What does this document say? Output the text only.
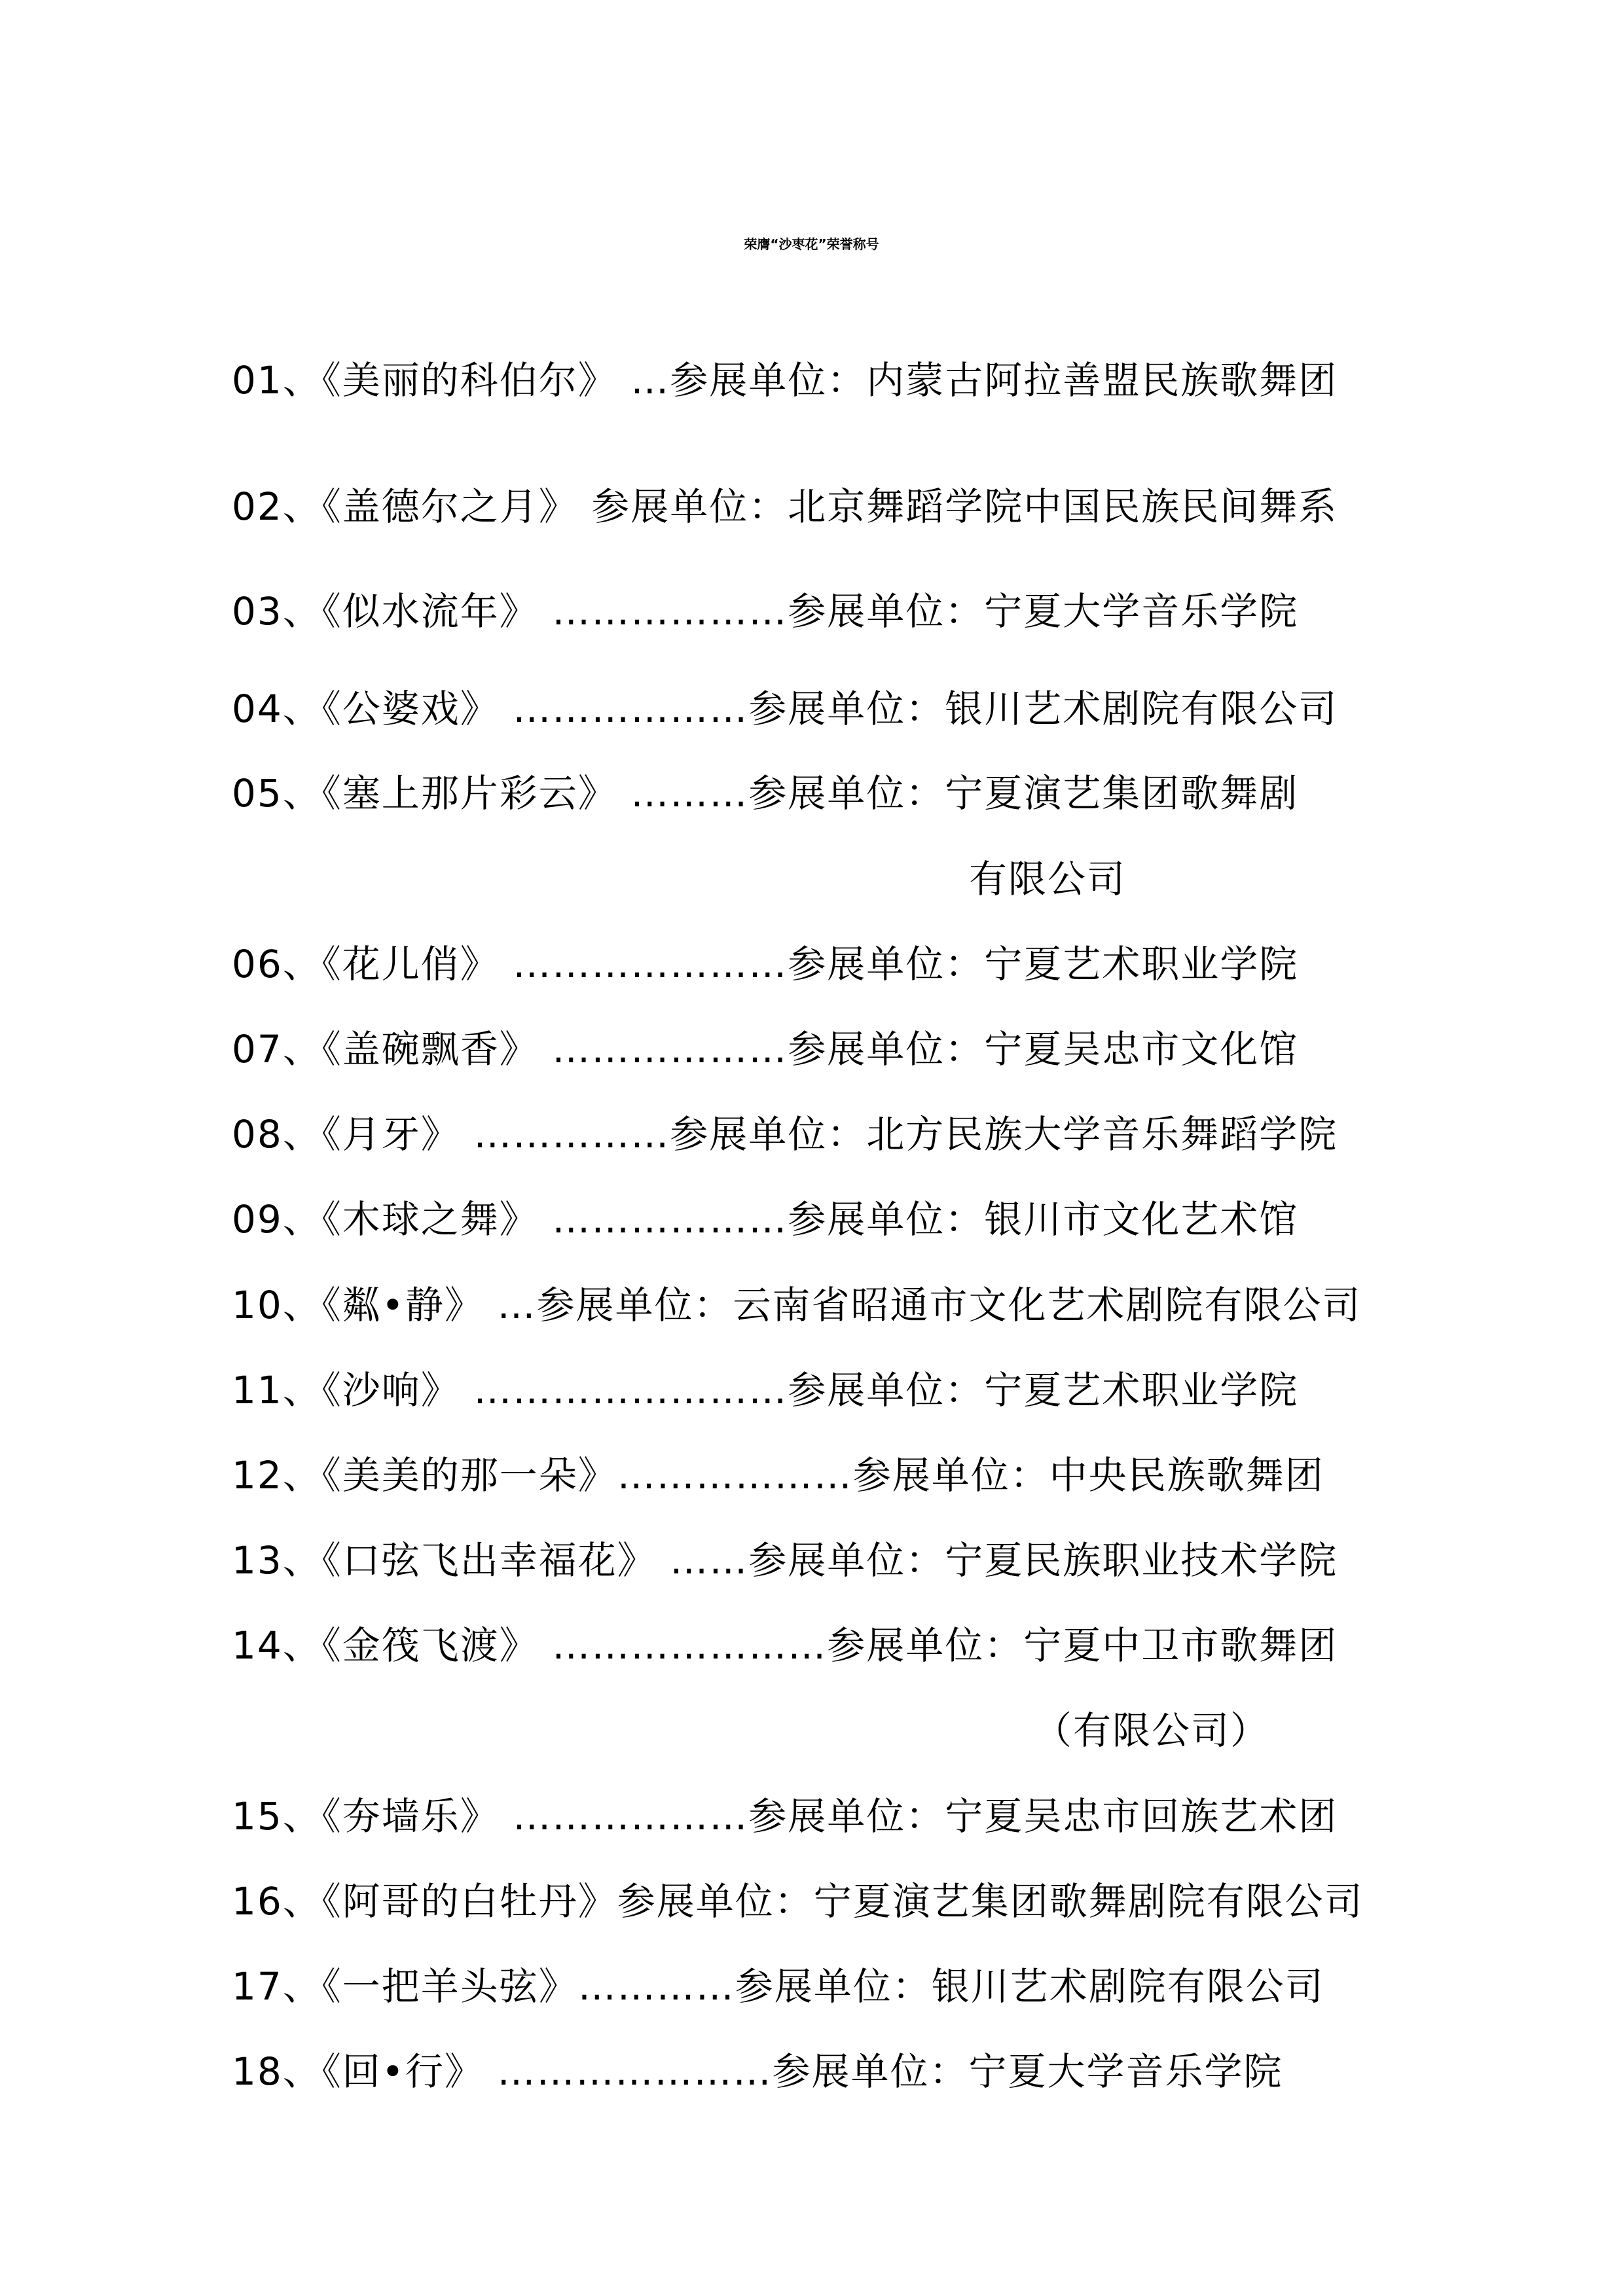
荣膺“沙枣花”荣誉称号
01、《美丽的科伯尔》 …参展单位：内蒙古阿拉善盟民族歌舞团
02、《盖德尔之月》 参展单位：北京舞蹈学院中国民族民间舞系
03、《似水流年》 ………………参展单位：宁夏大学音乐学院
04、《公婆戏》 ………………参展单位：银川艺术剧院有限公司
05、《塞上那片彩云》 ………参展单位：宁夏演艺集团歌舞剧
有限公司
06、《花儿俏》 …………………参展单位：宁夏艺术职业学院
07、《盖碗飘香》 ………………参展单位：宁夏吴忠市文化馆
08、《月牙》 ……………参展单位：北方民族大学音乐舞蹈学院
09、《木球之舞》 ………………参展单位：银川市文化艺术馆
10、《粼•静》 …参展单位：云南省昭通市文化艺术剧院有限公司
11、《沙响》 ……………………参展单位：宁夏艺术职业学院
12、《美美的那一朵》………………参展单位：中央民族歌舞团
13、《口弦飞出幸福花》 ……参展单位：宁夏民族职业技术学院
14、《金筏飞渡》 …………………参展单位：宁夏中卫市歌舞团
（有限公司）
15、《夯墙乐》 ………………参展单位：宁夏吴忠市回族艺术团
16、《阿哥的白牡丹》参展单位：宁夏演艺集团歌舞剧院有限公司
17、《一把羊头弦》…………参展单位：银川艺术剧院有限公司
18、《回•行》 …………………参展单位：宁夏大学音乐学院
